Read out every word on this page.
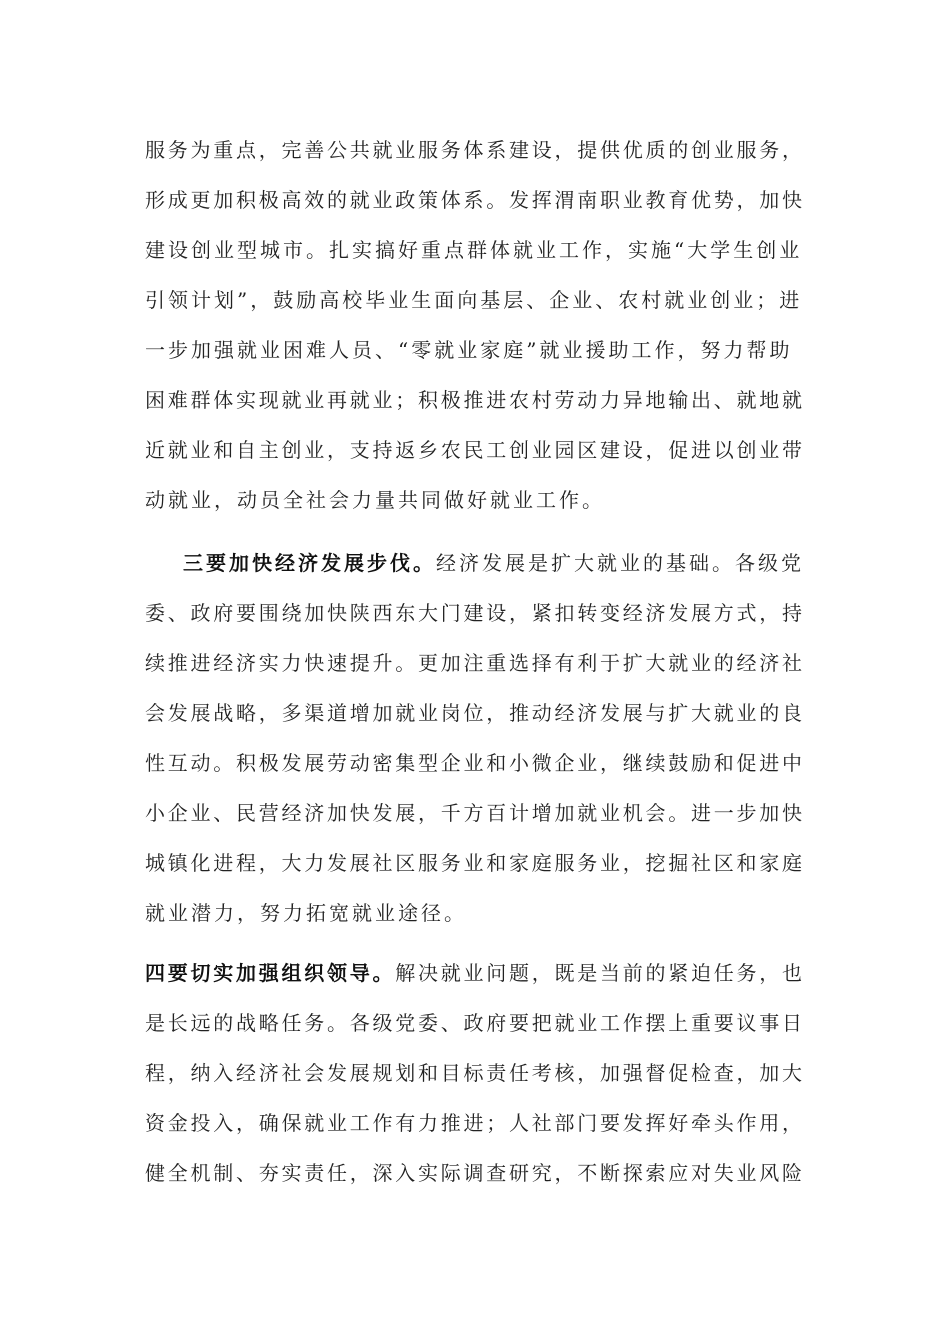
服务为重点，完善公共就业服务体系建设，提供优质的创业服务，
形成更加积极高效的就业政策体系。发挥渭南职业教育优势，加快
建设创业型城市。扎实搞好重点群体就业工作，实施“大学生创业
引领计划”，鼓励高校毕业生面向基层、企业、农村就业创业；进
一步加强就业困难人员、“零就业家庭”就业援助工作，努力帮助
困难群体实现就业再就业；积极推进农村劳动力异地输出、就地就
近就业和自主创业，支持返乡农民工创业园区建设，促进以创业带
动就业，动员全社会力量共同做好就业工作。
三要加快经济发展步伐。经济发展是扩大就业的基础。各级党
委、政府要围绕加快陕西东大门建设，紧扣转变经济发展方式，持
续推进经济实力快速提升。更加注重选择有利于扩大就业的经济社
会发展战略，多渠道增加就业岗位，推动经济发展与扩大就业的良
性互动。积极发展劳动密集型企业和小微企业，继续鼓励和促进中
小企业、民营经济加快发展，千方百计增加就业机会。进一步加快
城镇化进程，大力发展社区服务业和家庭服务业，挖掘社区和家庭
就业潜力，努力拓宽就业途径。
四要切实加强组织领导。解决就业问题，既是当前的紧迫任务，也
是长远的战略任务。各级党委、政府要把就业工作摆上重要议事日
程，纳入经济社会发展规划和目标责任考核，加强督促检查，加大
资金投入，确保就业工作有力推进；人社部门要发挥好牵头作用，
健全机制、夯实责任，深入实际调查研究，不断探索应对失业风险
